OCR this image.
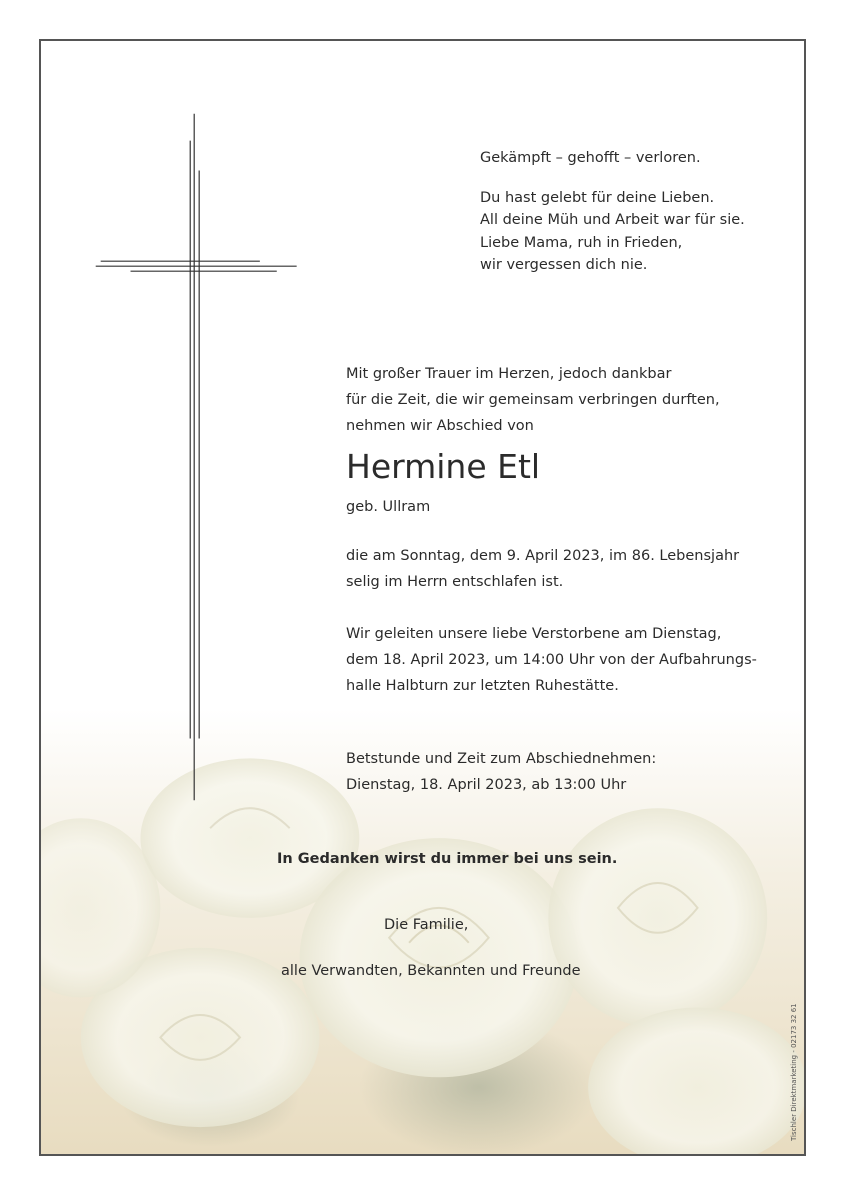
Gekämpft – gehofft – verloren.

Du hast gelebt für deine Lieben.

All deine Müh und Arbeit war für sie.

Liebe Mama, ruh in Frieden,

wir vergessen dich nie.

Mit großer Trauer im Herzen, jedoch dankbar

für die Zeit, die wir gemeinsam verbringen durften,

nehmen wir Abschied von

Hermine Etl
geb. Ullram

die am Sonntag, dem 9. April 2023, im 86. Lebensjahr

selig im Herrn entschlafen ist.

Wir geleiten unsere liebe Verstorbene am Dienstag,

dem 18. April 2023, um 14:00 Uhr von der Aufbahrungs-

halle Halbturn zur letzten Ruhestätte.

Betstunde und Zeit zum Abschiednehmen:

Dienstag, 18. April 2023, ab 13:00 Uhr

In Gedanken wirst du immer bei uns sein.
Die Familie,
alle Verwandten, Bekannten und Freunde
Tischler Direktmarketing - 02173 32 61
